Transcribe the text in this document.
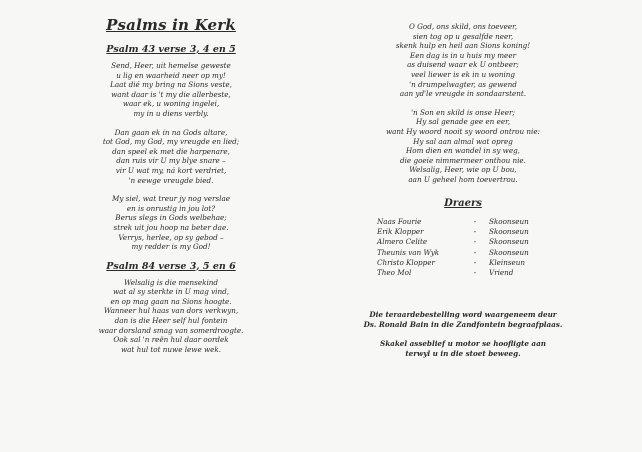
Psalms in Kerk
Psalm 43 verse 3, 4 en 5
Send, Heer, uit hemelse geweste
u lig en waarheid neer op my!
Laat dié my bring na Sions veste,
want daar is 't my die allerbeste,
waar ek, u woning ingelei,
my in u diens verbly.
Dan gaan ek in na Gods altare,
tot God, my God, my vreugde en lied;
dan speel ek met die harpenare,
dan ruis vir U my blye snare –
vir U wat my, ná kort verdriet,
'n eewge vreugde bied.
My siel, wat treur jy nog verslae
en is onrustig in jou lot?
Berus slegs in Gods welbehae;
strek uit jou hoop na beter dae.
Verrys, herlee, op sy gebod –
my redder is my God!
Psalm 84 verse 3, 5 en 6
Welsalig is die mensekind
wat al sy sterkte in U mag vind,
en op mag gaan na Sions hoogte.
Wanneer hul haas van dors verkwyn,
dan is die Heer self hul fontein
waar dorsland smag van somerdroogte.
Ook sal 'n reën hul daar oordek
wat hul tot nuwe lewe wek.
O God, ons skild, ons toeveer,
sien tog op u gesalfde neer,
skenk hulp en heil aan Sions koning!
Een dag is in u huis my meer
as duisend waar ek U ontbeer;
veel liewer is ek in u woning
'n drumpelwagter, as gewend
aan yd'le vreugde in sondaarstent.
'n Son en skild is onse Heer;
Hy sal genade gee en eer,
want Hy woord nooit sy woord ontrou nie:
Hy sal aan almal wat opreg
Hom dien en wandel in sy weg,
die goeie nimmermeer onthou nie.
Welsalig, Heer, wie op U bou,
aan U geheel hom toevertrou.
Draers
Naas Fourie	-	Skoonseun
Erik Klopper	-	Skoonseun
Almero Celite	-	Skoonseun
Theunis van Wyk	-	Skoonseun
Christo Klopper	-	Kleinseun
Theo Mol	-	Vriend
Die teraardebestelling word waargeneem deur
Ds. Ronald Bain in die Zandfontein begraafplaas.
Skakel asseblief u motor se hoofligte aan
terwyl u in die stoet beweeg.
